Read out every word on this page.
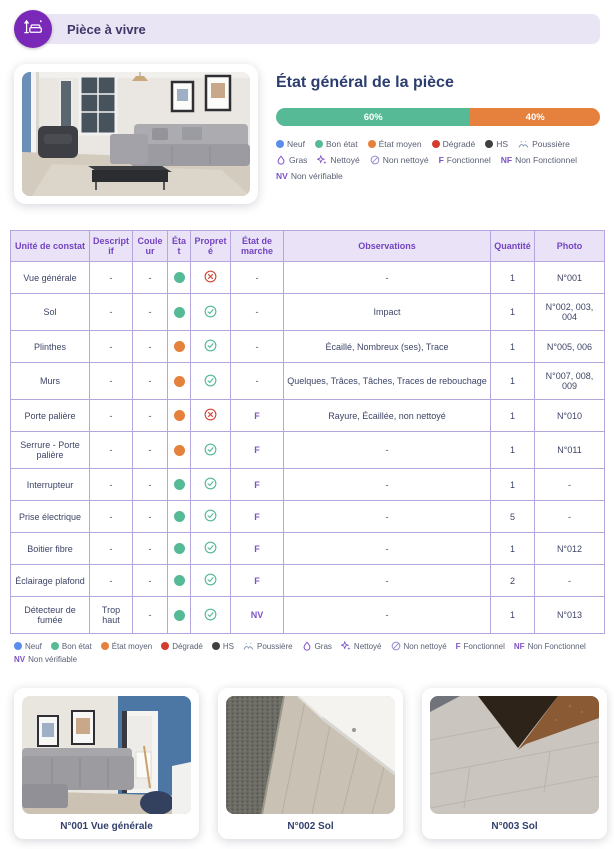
Pièce à vivre
État général de la pièce
60%	40%
Neuf Bon état État moyen Dégradé HS	Poussière
Gras	Nettoyé	Non nettoyé F Fonctionnel NF Non Fonctionnel
NV Non vérifiable
Unité de constat	Descriptif	Couleur	État	Propreté	État de marche	Observations	Quantité	Photo
Vue générale	-	-			-	-	1	N°001
Sol	-	-			-	Impact	1	N°002, 003, 004
Plinthes	-	-			-	Écaillé, Nombreux (ses), Trace	1	N°005, 006
Murs	-	-			-	Quelques, Trâces, Tâches, Traces de rebouchage	1	N°007, 008, 009
Porte palière	-	-			F	Rayure, Écaillée, non nettoyé	1	N°010
Serrure - Porte palière	-	-			F	-	1	N°011
Interrupteur	-	-			F	-	1	-
Prise électrique	-	-			F	-	5	-
Boitier fibre	-	-			F	-	1	N°012
Éclairage plafond	-	-			F	-	2	-
Détecteur de fumée	Trop haut	-			NV	-	1	N°013
Neuf	Bon état	État moyen	Dégradé	HS	Poussière	Gras	Nettoyé	Non nettoyé F Fonctionnel NF Non Fonctionnel
NV Non vérifiable
N°001 Vue générale	N°002 Sol	N°003 Sol
